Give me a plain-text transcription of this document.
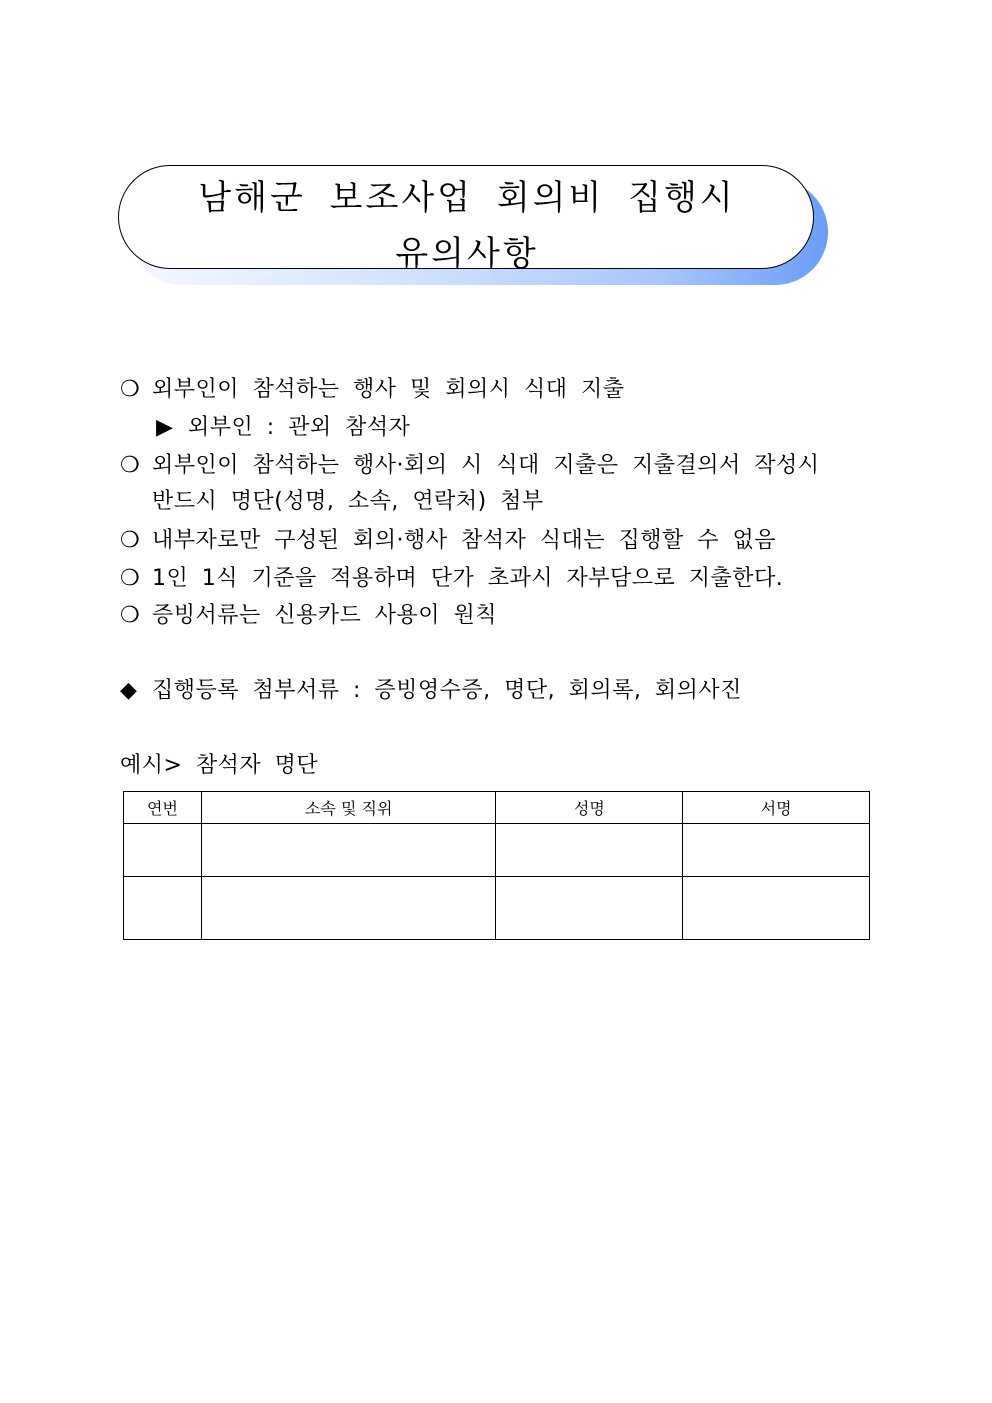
남해군 보조사업 회의비 집행시
유의사항
❍ 외부인이 참석하는 행사 및 회의시 식대 지출
▶ 외부인 : 관외 참석자
❍ 외부인이 참석하는 행사·회의 시 식대 지출은 지출결의서 작성시
반드시 명단(성명, 소속, 연락처) 첨부
❍ 내부자로만 구성된 회의·행사 참석자 식대는 집행할 수 없음
❍ 1인 1식 기준을 적용하며 단가 초과시 자부담으로 지출한다.
❍ 증빙서류는 신용카드 사용이 원칙
◆ 집행등록 첨부서류 : 증빙영수증, 명단, 회의록, 회의사진
예시> 참석자 명단
연번	소속 및 직위	성명	서명
